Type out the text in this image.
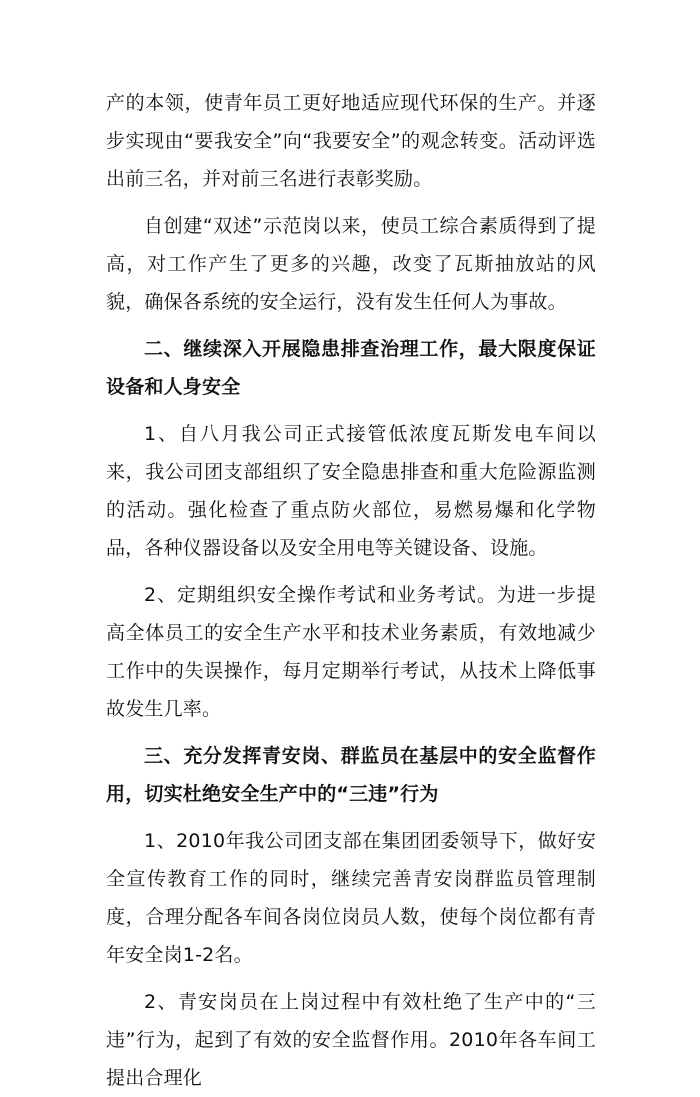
产的本领，使青年员工更好地适应现代环保的生产。并逐步实现由“要我安全”向“我要安全”的观念转变。活动评选出前三名，并对前三名进行表彰奖励。

自创建“双述”示范岗以来，使员工综合素质得到了提高，对工作产生了更多的兴趣，改变了瓦斯抽放站的风貌，确保各系统的安全运行，没有发生任何人为事故。

二、继续深入开展隐患排查治理工作，最大限度保证设备和人身安全

1、自八月我公司正式接管低浓度瓦斯发电车间以来，我公司团支部组织了安全隐患排查和重大危险源监测的活动。强化检查了重点防火部位，易燃易爆和化学物品，各种仪器设备以及安全用电等关键设备、设施。

2、定期组织安全操作考试和业务考试。为进一步提高全体员工的安全生产水平和技术业务素质，有效地减少工作中的失误操作，每月定期举行考试，从技术上降低事故发生几率。

三、充分发挥青安岗、群监员在基层中的安全监督作用，切实杜绝安全生产中的“三违”行为

1、2010年我公司团支部在集团团委领导下，做好安全宣传教育工作的同时，继续完善青安岗群监员管理制度，合理分配各车间各岗位岗员人数，使每个岗位都有青年安全岗1-2名。

2、青安岗员在上岗过程中有效杜绝了生产中的“三违”行为，起到了有效的安全监督作用。2010年各车间工提出合理化
